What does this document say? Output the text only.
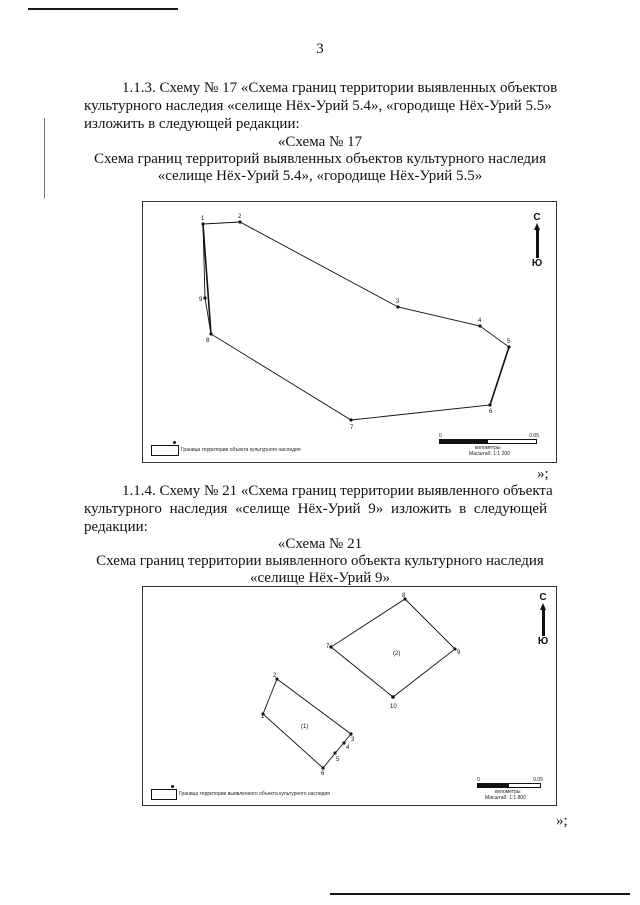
3
1.1.3. Схему № 17 «Схема границ территории выявленных объектов
культурного наследия «селище Нёх-Урий 5.4», «городище Нёх-Урий 5.5»
изложить в следующей редакции:
«Схема № 17
Схема границ территорий выявленных объектов культурного наследия
«селище Нёх-Урий 5.4», «городище Нёх-Урий 5.5»
1	2
3
4
5
6
7
8
9
С
Ю
Граница территории объекта культурного наследия
0	0.05
километры
Масштаб: 1:1 200
»;
1.1.4. Схему № 21 «Схема границ территории выявленного объекта
культурного наследия «селище Нёх-Урий 9» изложить в следующей
редакции:
«Схема № 21
Схема границ территории выявленного объекта культурного наследия
«селище Нёх-Урий 9»
1
2
3
4
5
6
7
8
9
10
(2)
(1)
С
Ю
Граница территории выявленного объекта культурного наследия
0	0.05
километры
Масштаб: 1:1 800
»;
